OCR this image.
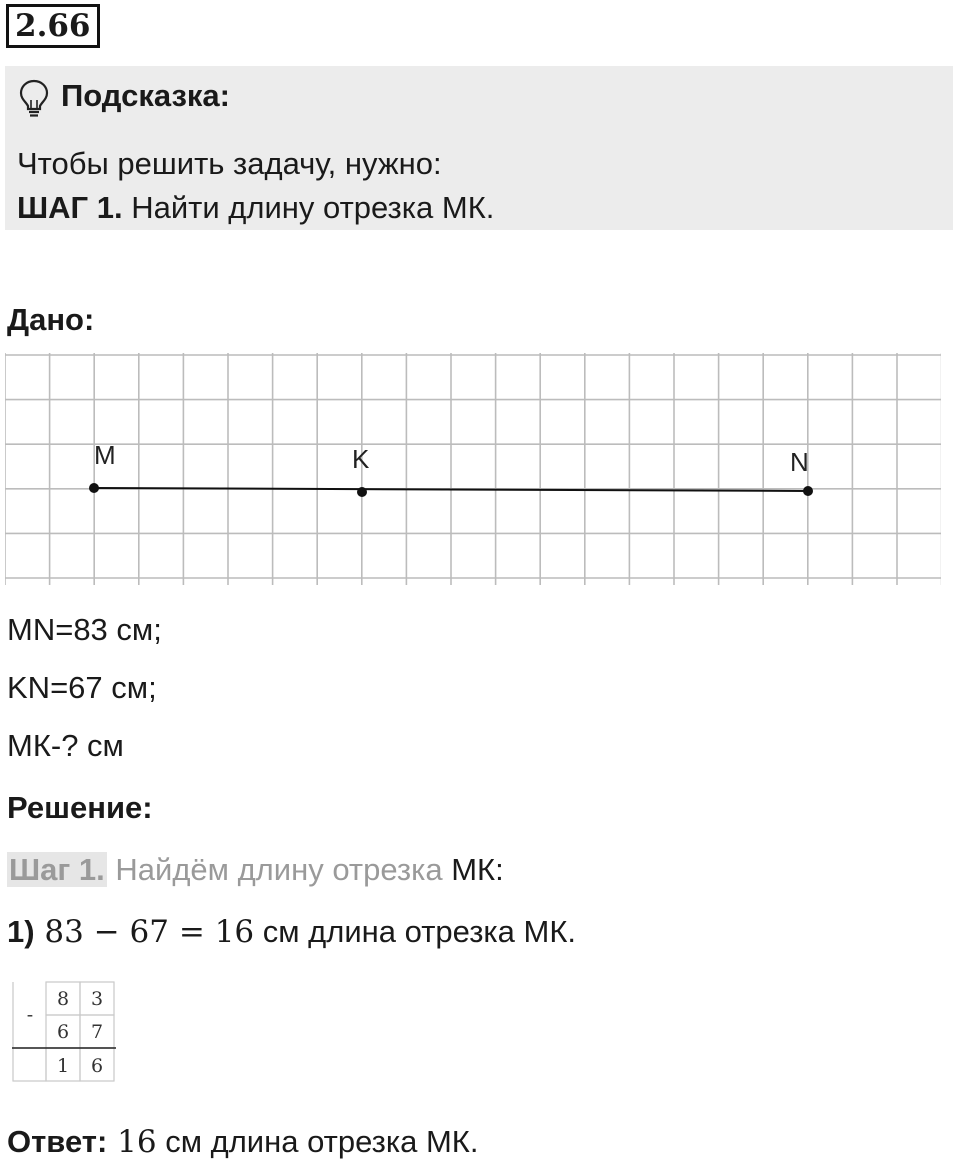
2.66
Подсказка:
Чтобы решить задачу, нужно:
ШАГ 1. Найти длину отрезка МК.
Дано:
M	K	N
MN=83 см;
KN=67 см;
МК-? см
Решение:
Шаг 1. Найдём длину отрезка МК:
1) 83 − 67 = 16 см длина отрезка МК.
-
8 3
6 7
1 6
Ответ: 16 см длина отрезка МК.
